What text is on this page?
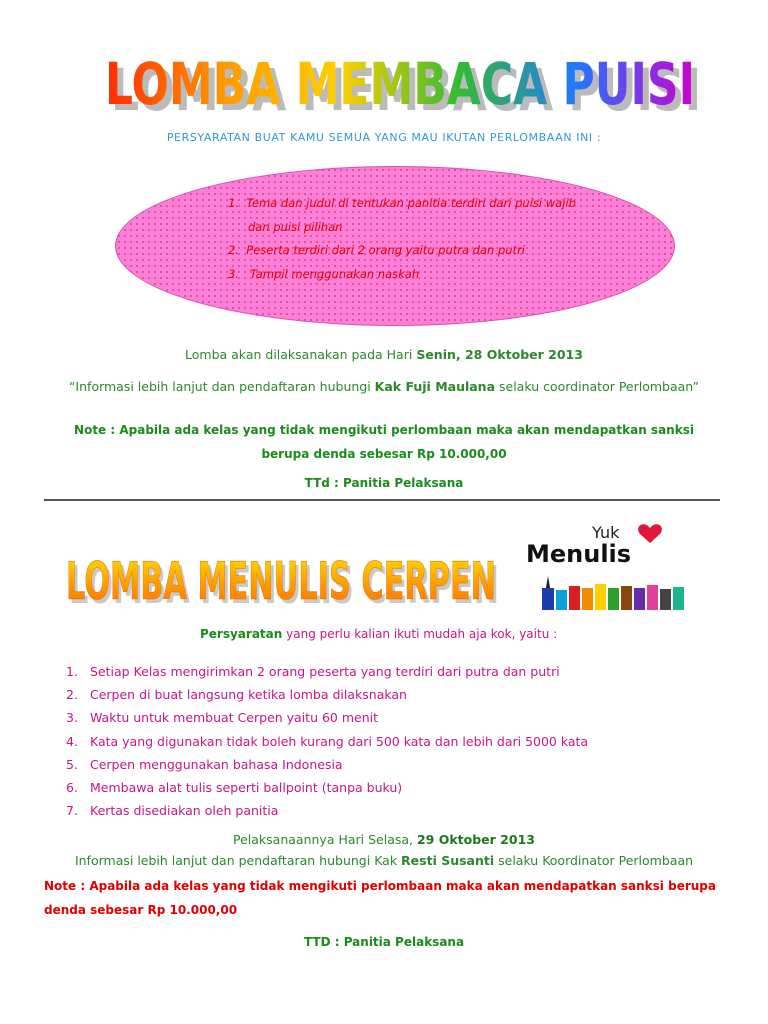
LOMBA MEMBACA PUISI
LOMBA MEMBACA PUISI
PERSYARATAN BUAT KAMU SEMUA YANG MAU IKUTAN PERLOMBAAN INI :
1. Tema dan judul di tentukan panitia terdiri dari puisi wajib dan puisi pilihan
2. Peserta terdiri dari 2 orang yaitu putra dan putri
3.   Tampil menggunakan naskah
Lomba akan dilaksanakan pada Hari Senin, 28 Oktober 2013
“Informasi lebih lanjut dan pendaftaran hubungi Kak Fuji Maulana selaku coordinator Perlombaan”
Note : Apabila ada kelas yang tidak mengikuti perlombaan maka akan mendapatkan sanksi berupa denda sebesar Rp 10.000,00
TTd : Panitia Pelaksana
LOMBA MENULIS CERPEN
LOMBA MENULIS CERPEN
Yuk
Menulis
Persyaratan yang perlu kalian ikuti mudah aja kok, yaitu :
1. Setiap Kelas mengirimkan 2 orang peserta yang terdiri dari putra dan putri
2. Cerpen di buat langsung ketika lomba dilaksnakan
3. Waktu untuk membuat Cerpen yaitu 60 menit
4. Kata yang digunakan tidak boleh kurang dari 500 kata dan lebih dari 5000 kata
5. Cerpen menggunakan bahasa Indonesia
6. Membawa alat tulis seperti ballpoint (tanpa buku)
7. Kertas disediakan oleh panitia
Pelaksanaannya Hari Selasa, 29 Oktober 2013
Informasi lebih lanjut dan pendaftaran hubungi Kak Resti Susanti selaku Koordinator Perlombaan
Note : Apabila ada kelas yang tidak mengikuti perlombaan maka akan mendapatkan sanksi berupa denda sebesar Rp 10.000,00
TTD : Panitia Pelaksana
